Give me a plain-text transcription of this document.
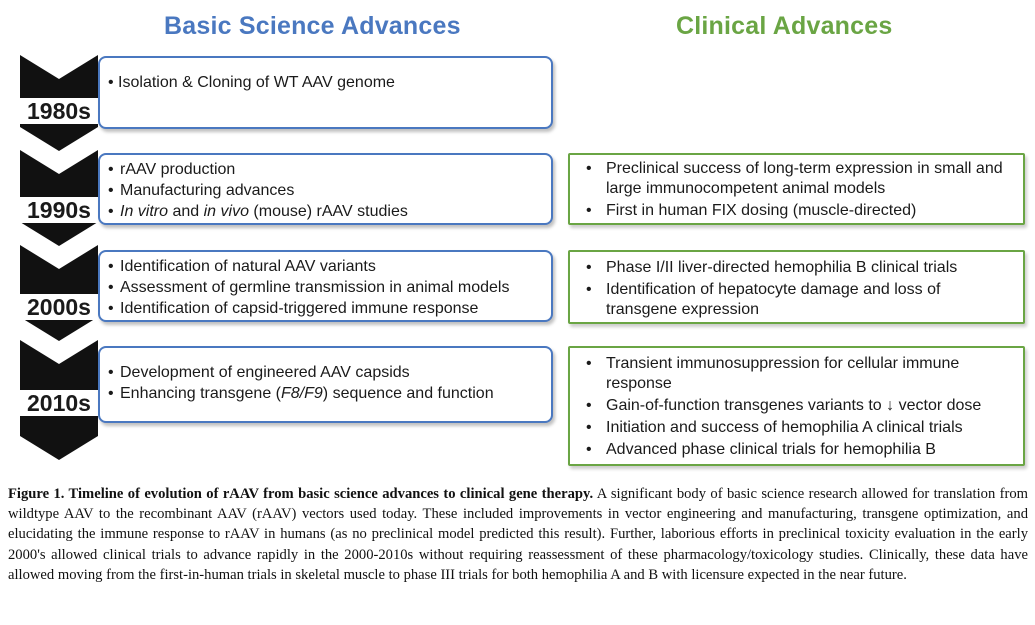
Basic Science Advances	Clinical Advances
1980s
1990s
2000s
2010s
• Isolation & Cloning of WT AAV genome
• rAAV production
• Manufacturing advances
• In vitro and in vivo (mouse) rAAV studies
• Identification of natural AAV variants
• Assessment of germline transmission in animal models
• Identification of capsid-triggered immune response
• Development of engineered AAV capsids
• Enhancing transgene (F8/F9) sequence and function
• Preclinical success of long-term expression in small and large immunocompetent animal models
• First in human FIX dosing (muscle-directed)
• Phase I/II liver-directed hemophilia B clinical trials
• Identification of hepatocyte damage and loss of transgene expression
• Transient immunosuppression for cellular immune response
• Gain-of-function transgenes variants to ↓ vector dose
• Initiation and success of hemophilia A clinical trials
• Advanced phase clinical trials for hemophilia B
Figure 1. Timeline of evolution of rAAV from basic science advances to clinical gene therapy. A significant body of basic science research allowed for translation from wildtype AAV to the recombinant AAV (rAAV) vectors used today. These included improvements in vector engineering and manufacturing, transgene optimization, and elucidating the immune response to rAAV in humans (as no preclinical model predicted this result). Further, laborious efforts in preclinical toxicity evaluation in the early 2000's allowed clinical trials to advance rapidly in the 2000-2010s without requiring reassessment of these pharmacology/toxicology studies. Clinically, these data have allowed moving from the first-in-human trials in skeletal muscle to phase III trials for both hemophilia A and B with licensure expected in the near future.
